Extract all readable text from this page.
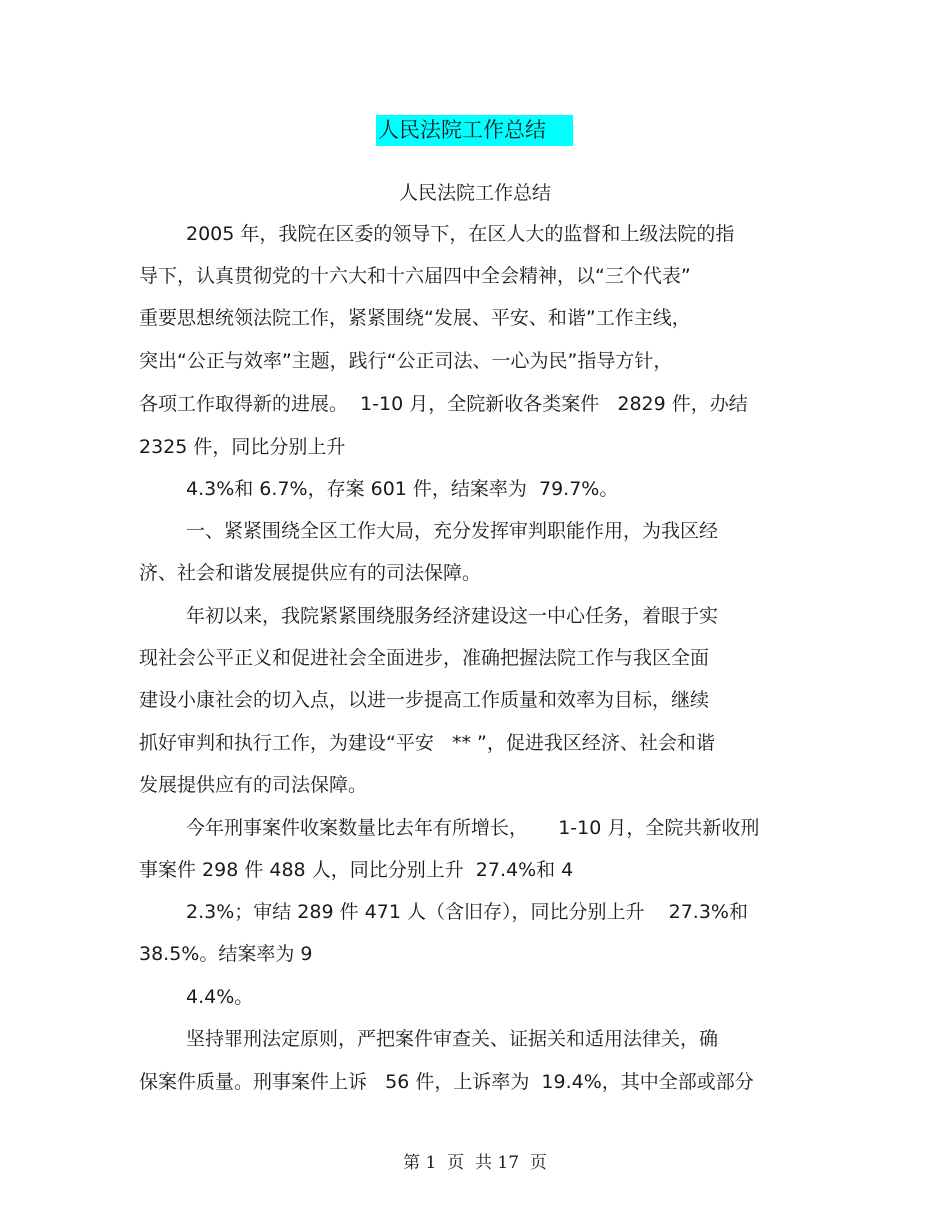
人民法院工作总结
人民法院工作总结
2005 年，我院在区委的领导下，在区人大的监督和上级法院的指
导下，认真贯彻党的十六大和十六届四中全会精神，以“三个代表”
重要思想统领法院工作，紧紧围绕“发展、平安、和谐”工作主线，
突出“公正与效率”主题，践行“公正司法、一心为民”指导方针，
各项工作取得新的进展。  1-10 月，全院新收各类案件   2829 件，办结
2325 件，同比分别上升
4.3%和 6.7%，存案 601 件，结案率为  79.7%。
一、紧紧围绕全区工作大局，充分发挥审判职能作用，为我区经
济、社会和谐发展提供应有的司法保障。
年初以来，我院紧紧围绕服务经济建设这一中心任务，着眼于实
现社会公平正义和促进社会全面进步，准确把握法院工作与我区全面
建设小康社会的切入点，以进一步提高工作质量和效率为目标，继续
抓好审判和执行工作，为建设“平安   ** ”，促进我区经济、社会和谐
发展提供应有的司法保障。
今年刑事案件收案数量比去年有所增长，     1-10 月，全院共新收刑
事案件 298 件 488 人，同比分别上升  27.4%和 4
2.3%；审结 289 件 471 人（含旧存），同比分别上升    27.3%和
38.5%。结案率为 9
4.4%。
坚持罪刑法定原则，严把案件审查关、证据关和适用法律关，确
保案件质量。刑事案件上诉   56 件，上诉率为  19.4%，其中全部或部分
第 1  页  共 17  页
